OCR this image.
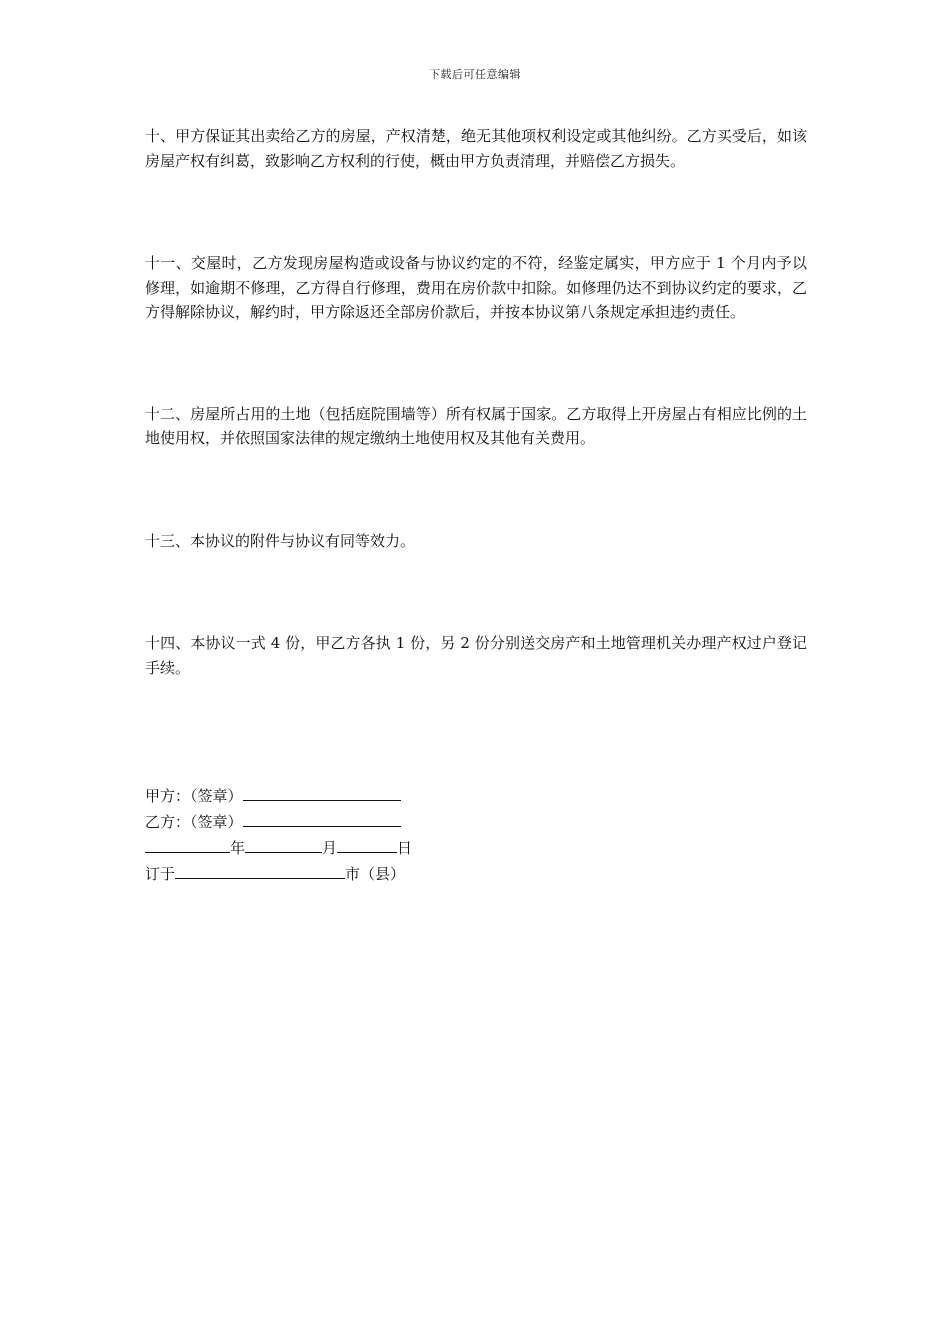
下载后可任意编辑

十、甲方保证其出卖给乙方的房屋，产权清楚，绝无其他项权利设定或其他纠纷。乙方买受后，如该房屋产权有纠葛，致影响乙方权利的行使，概由甲方负责清理，并赔偿乙方损失。

十一、交屋时，乙方发现房屋构造或设备与协议约定的不符，经鉴定属实，甲方应于 1 个月内予以修理，如逾期不修理，乙方得自行修理，费用在房价款中扣除。如修理仍达不到协议约定的要求，乙方得解除协议，解约时，甲方除返还全部房价款后，并按本协议第八条规定承担违约责任。

十二、房屋所占用的土地（包括庭院围墙等）所有权属于国家。乙方取得上开房屋占有相应比例的土地使用权，并依照国家法律的规定缴纳土地使用权及其他有关费用。

十三、本协议的附件与协议有同等效力。

十四、本协议一式 4 份，甲乙方各执 1 份，另 2 份分别送交房产和土地管理机关办理产权过户登记手续。

甲方：（签章）
乙方：（签章）
年	月	日
订于	市（县）
